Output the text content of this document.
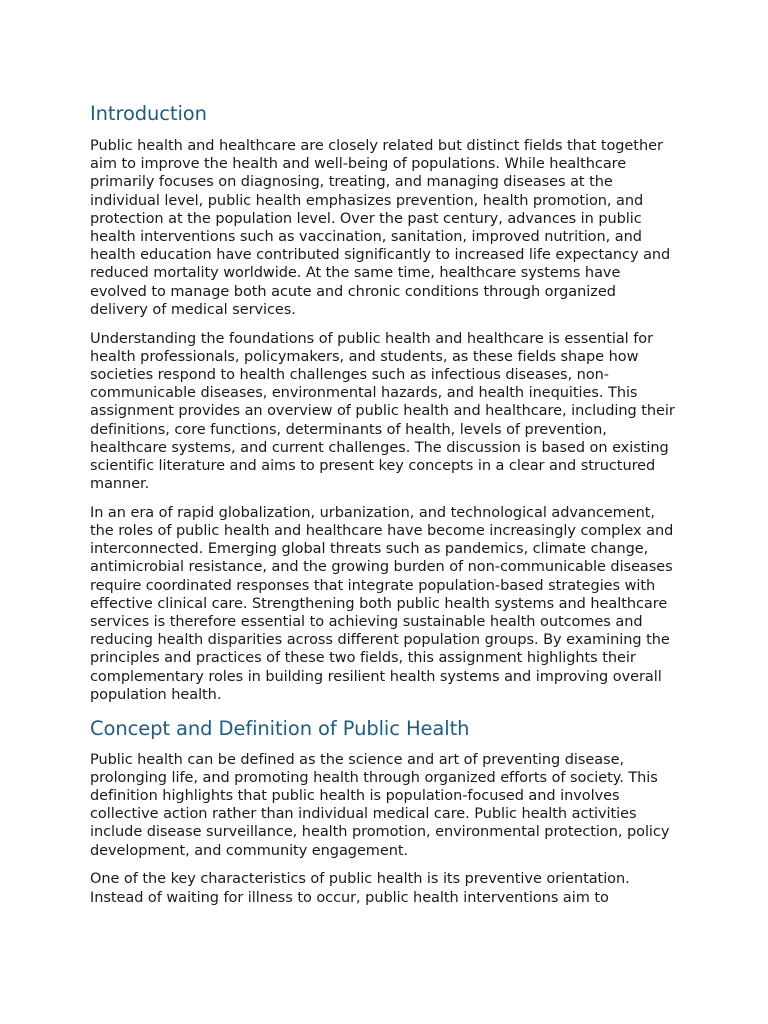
Introduction

Public health and healthcare are closely related but distinct fields that together aim to improve the health and well-being of populations. While healthcare primarily focuses on diagnosing, treating, and managing diseases at the individual level, public health emphasizes prevention, health promotion, and protection at the population level. Over the past century, advances in public health interventions such as vaccination, sanitation, improved nutrition, and health education have contributed significantly to increased life expectancy and reduced mortality worldwide. At the same time, healthcare systems have evolved to manage both acute and chronic conditions through organized delivery of medical services.

Understanding the foundations of public health and healthcare is essential for health professionals, policymakers, and students, as these fields shape how societies respond to health challenges such as infectious diseases, non-communicable diseases, environmental hazards, and health inequities. This assignment provides an overview of public health and healthcare, including their definitions, core functions, determinants of health, levels of prevention, healthcare systems, and current challenges. The discussion is based on existing scientific literature and aims to present key concepts in a clear and structured manner.

In an era of rapid globalization, urbanization, and technological advancement, the roles of public health and healthcare have become increasingly complex and interconnected. Emerging global threats such as pandemics, climate change, antimicrobial resistance, and the growing burden of non-communicable diseases require coordinated responses that integrate population-based strategies with effective clinical care. Strengthening both public health systems and healthcare services is therefore essential to achieving sustainable health outcomes and reducing health disparities across different population groups. By examining the principles and practices of these two fields, this assignment highlights their complementary roles in building resilient health systems and improving overall population health.

Concept and Definition of Public Health

Public health can be defined as the science and art of preventing disease, prolonging life, and promoting health through organized efforts of society. This definition highlights that public health is population-focused and involves collective action rather than individual medical care. Public health activities include disease surveillance, health promotion, environmental protection, policy development, and community engagement.

One of the key characteristics of public health is its preventive orientation. Instead of waiting for illness to occur, public health interventions aim to
